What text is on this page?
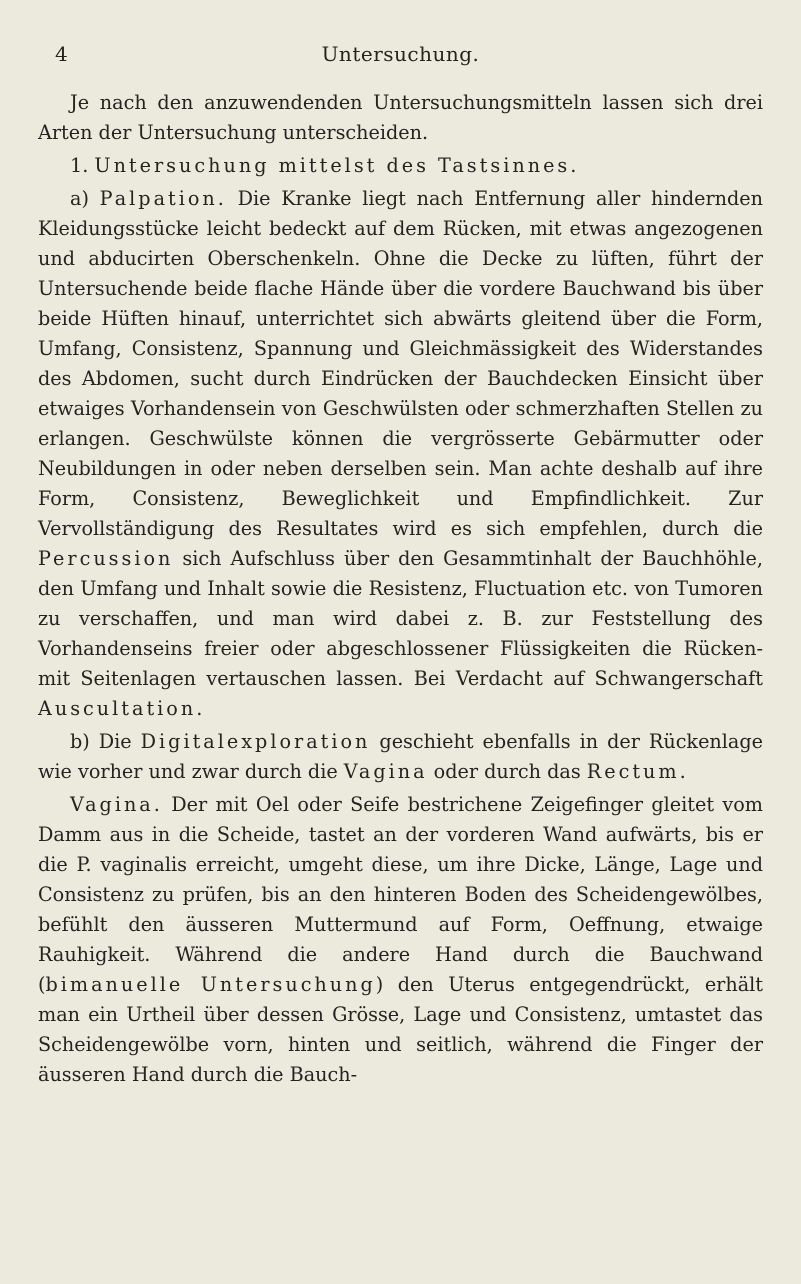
4	Untersuchung.

Je nach den anzuwendenden Untersuchungsmitteln lassen sich drei Arten der Untersuchung unterscheiden.

1. Untersuchung mittelst des Tastsinnes.

a) Palpation. Die Kranke liegt nach Entfernung aller hindernden Kleidungsstücke leicht bedeckt auf dem Rücken, mit etwas angezogenen und abducirten Oberschenkeln. Ohne die Decke zu lüften, führt der Untersuchende beide flache Hände über die vordere Bauchwand bis über beide Hüften hinauf, unterrichtet sich abwärts gleitend über die Form, Umfang, Consistenz, Spannung und Gleichmässigkeit des Widerstandes des Abdomen, sucht durch Eindrücken der Bauchdecken Einsicht über etwaiges Vorhandensein von Geschwülsten oder schmerzhaften Stellen zu erlangen. Geschwülste können die vergrösserte Gebärmutter oder Neubildungen in oder neben derselben sein. Man achte deshalb auf ihre Form, Consistenz, Beweglichkeit und Empfindlichkeit. Zur Vervollständigung des Resultates wird es sich empfehlen, durch die Percussion sich Aufschluss über den Gesammtinhalt der Bauchhöhle, den Umfang und Inhalt sowie die Resistenz, Fluctuation etc. von Tumoren zu verschaffen, und man wird dabei z. B. zur Feststellung des Vorhandenseins freier oder abgeschlossener Flüssigkeiten die Rücken- mit Seitenlagen vertauschen lassen. Bei Verdacht auf Schwangerschaft Auscultation.

b) Die Digitalexploration geschieht ebenfalls in der Rückenlage wie vorher und zwar durch die Vagina oder durch das Rectum.

Vagina. Der mit Oel oder Seife bestrichene Zeigefinger gleitet vom Damm aus in die Scheide, tastet an der vorderen Wand aufwärts, bis er die P. vaginalis erreicht, umgeht diese, um ihre Dicke, Länge, Lage und Consistenz zu prüfen, bis an den hinteren Boden des Scheidengewölbes, befühlt den äusseren Muttermund auf Form, Oeffnung, etwaige Rauhigkeit. Während die andere Hand durch die Bauchwand (bimanuelle Untersuchung) den Uterus entgegendrückt, erhält man ein Urtheil über dessen Grösse, Lage und Consistenz, umtastet das Scheidengewölbe vorn, hinten und seitlich, während die Finger der äusseren Hand durch die Bauch-
